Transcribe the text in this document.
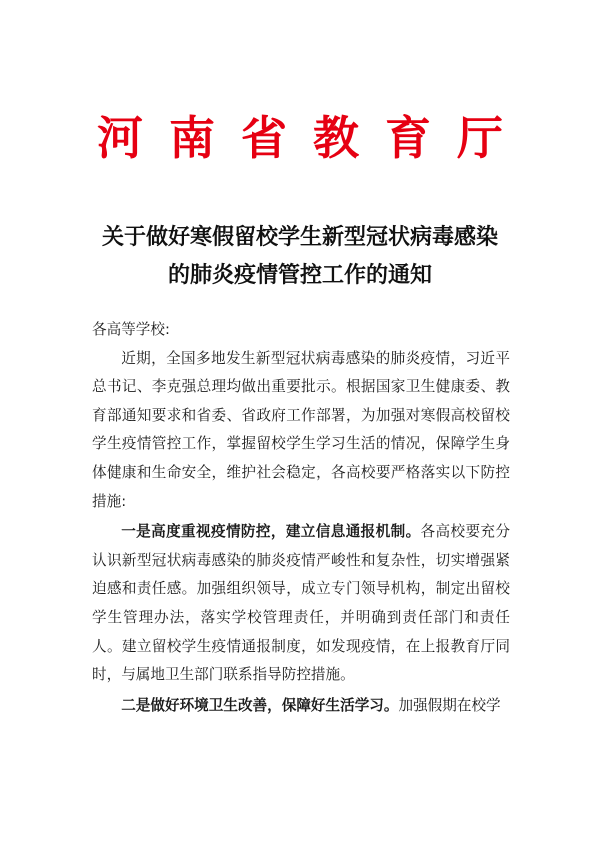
河南省教育厅
关于做好寒假留校学生新型冠状病毒感染
的肺炎疫情管控工作的通知

各高等学校:

近期，全国多地发生新型冠状病毒感染的肺炎疫情，习近平总书记、李克强总理均做出重要批示。根据国家卫生健康委、教育部通知要求和省委、省政府工作部署，为加强对寒假高校留校学生疫情管控工作，掌握留校学生学习生活的情况，保障学生身体健康和生命安全，维护社会稳定，各高校要严格落实以下防控措施:

一是高度重视疫情防控，建立信息通报机制。各高校要充分认识新型冠状病毒感染的肺炎疫情严峻性和复杂性，切实增强紧迫感和责任感。加强组织领导，成立专门领导机构，制定出留校学生管理办法，落实学校管理责任，并明确到责任部门和责任人。建立留校学生疫情通报制度，如发现疫情，在上报教育厅同时，与属地卫生部门联系指导防控措施。

二是做好环境卫生改善，保障好生活学习。加强假期在校学
